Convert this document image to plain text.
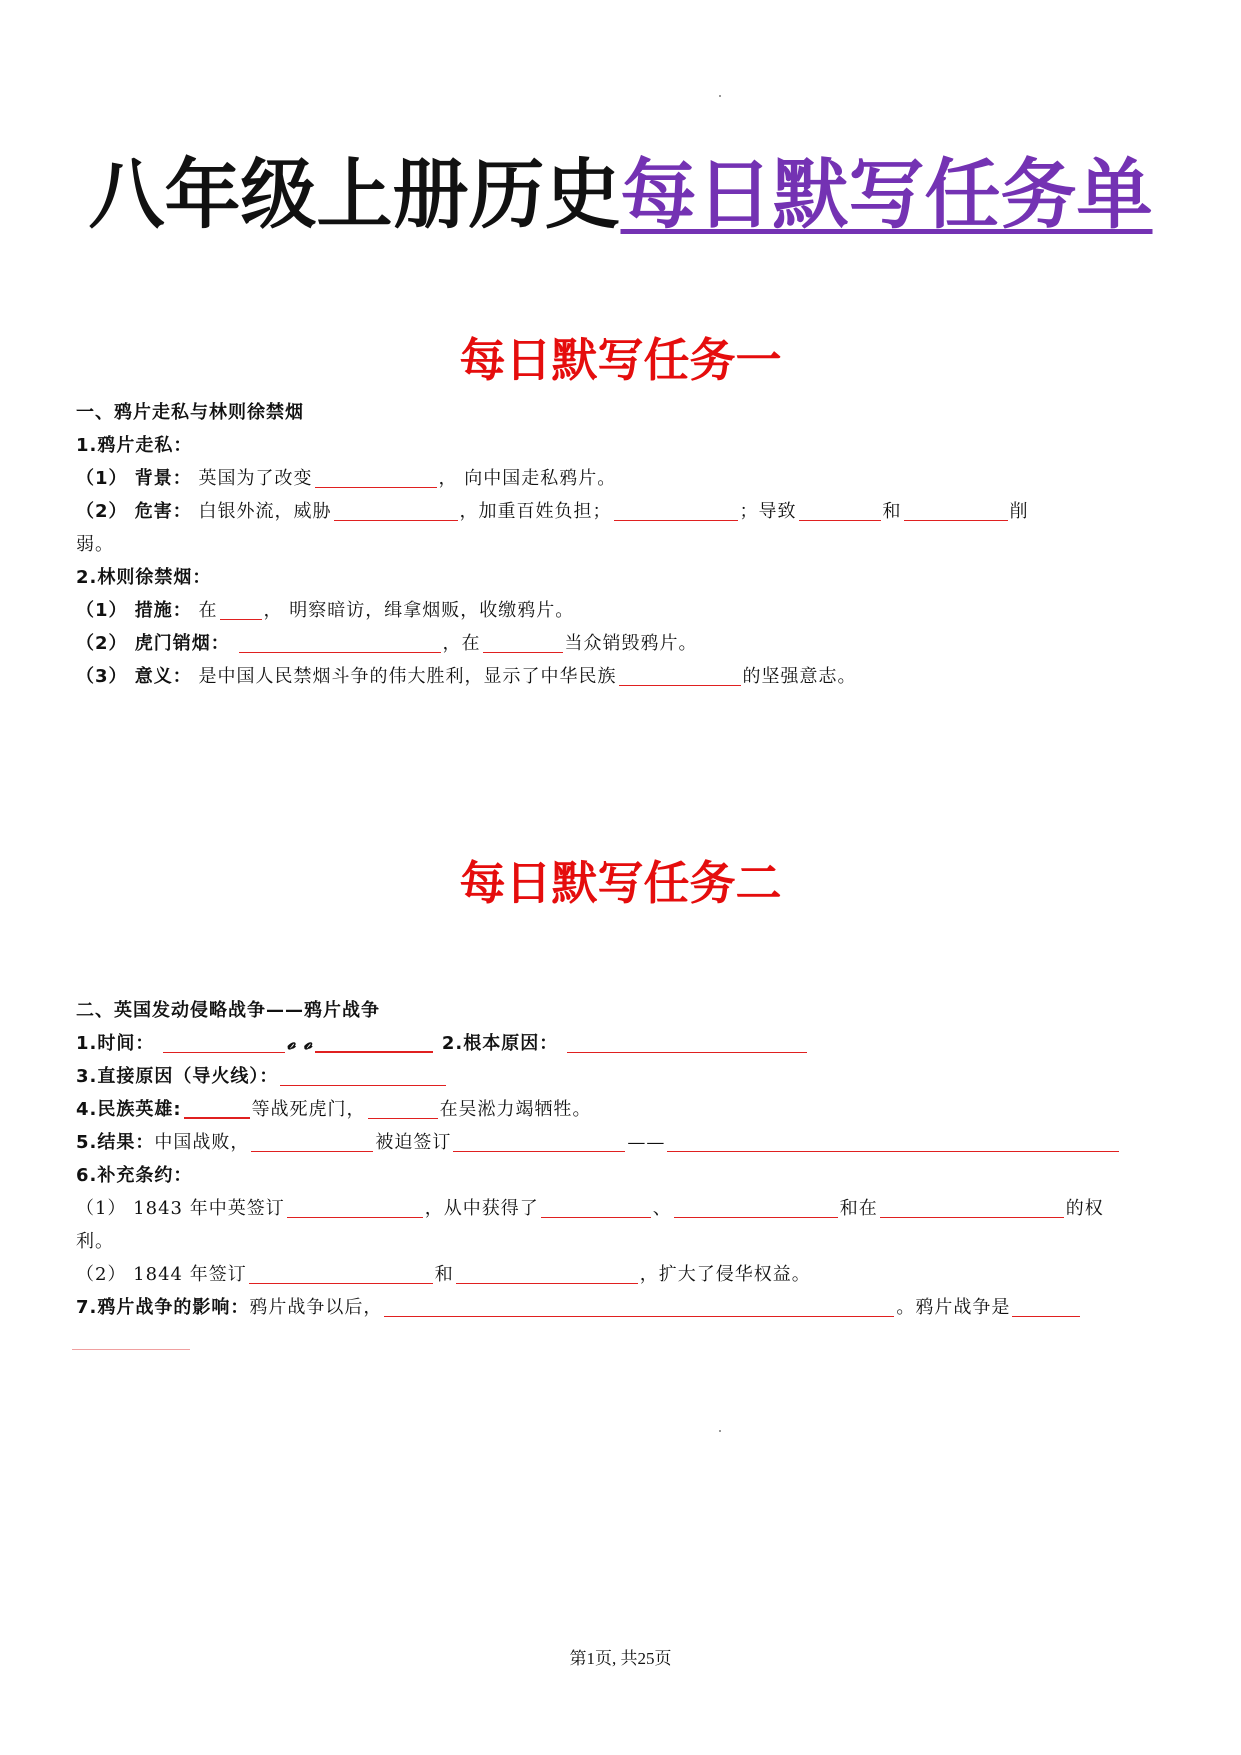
八年级上册历史每日默写任务单
每日默写任务一
一、鸦片走私与林则徐禁烟
1.鸦片走私：
（1） 背景： 英国为了改变	， 向中国走私鸦片。
（2） 危害： 白银外流，威胁	，加重百姓负担；	；导致	和	削
弱。
2.林则徐禁烟：
（1） 措施： 在	， 明察暗访，缉拿烟贩，收缴鸦片。
（2） 虎门销烟：	，在	当众销毁鸦片。
（3） 意义： 是中国人民禁烟斗争的伟大胜利，显示了中华民族	的坚强意志。
每日默写任务二
二、英国发动侵略战争——鸦片战争
1.时间：	𝓸 𝓸	2.根本原因：
3.直接原因（导火线）：
4.民族英雄:	等战死虎门，	在吴淞力竭牺牲。
5.结果：中国战败，	被迫签订	——
6.补充条约：
（1） 1843 年中英签订	，从中获得了	、	和在	的权
利。
（2） 1844 年签订	和	，扩大了侵华权益。
7.鸦片战争的影响：鸦片战争以后，	。鸦片战争是
第1页, 共25页
